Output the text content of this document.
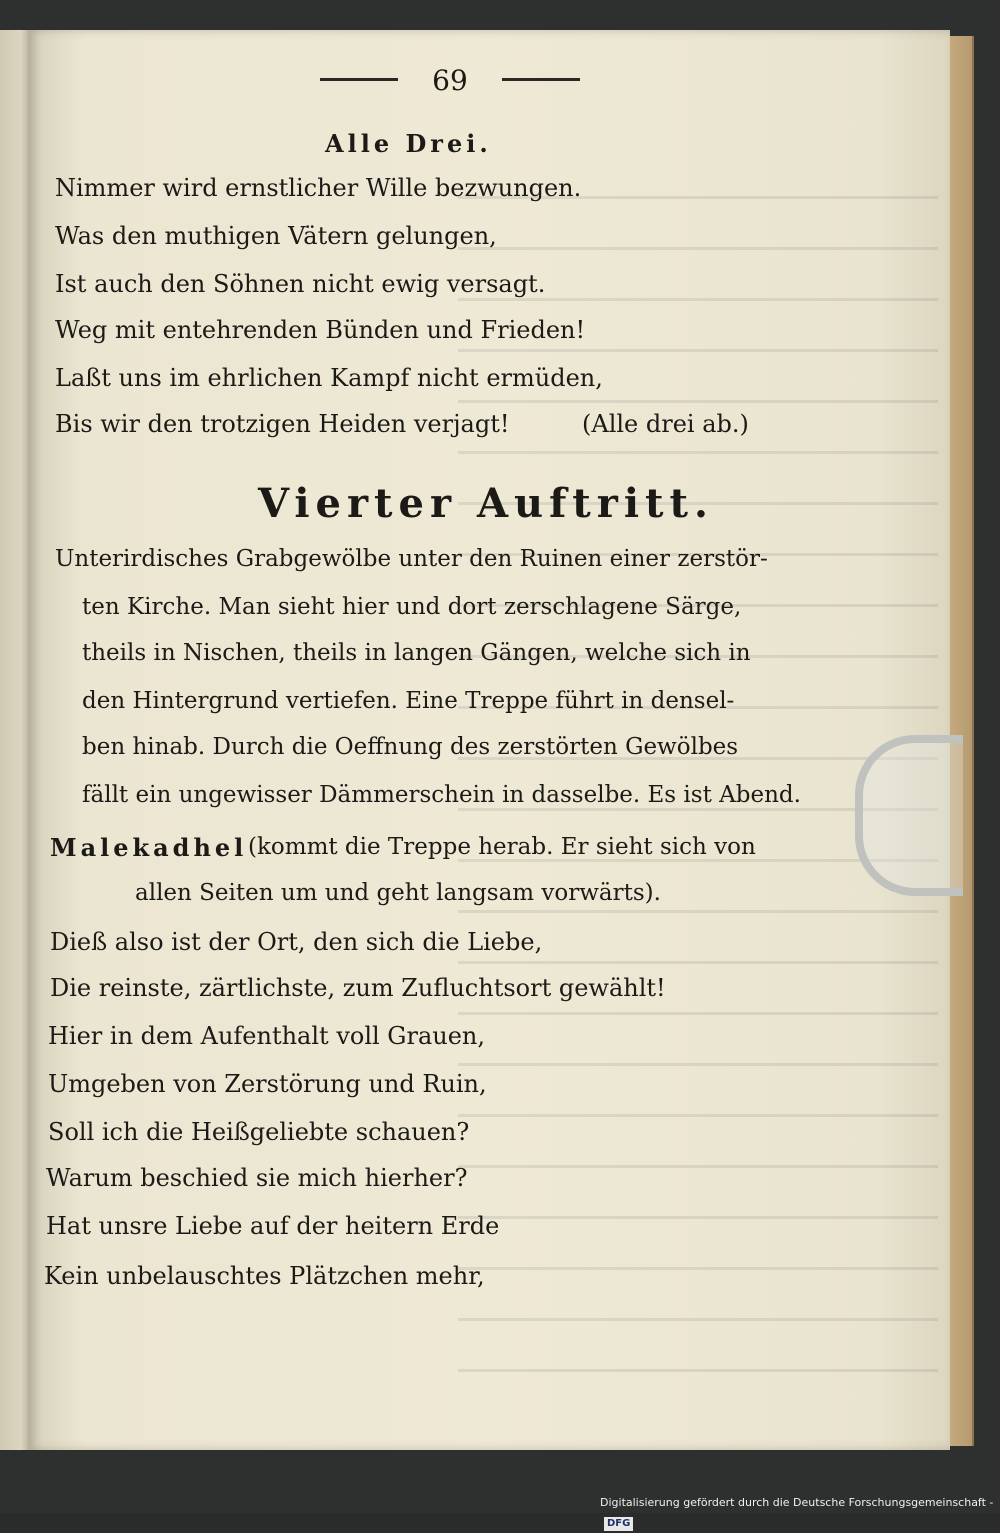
69
Alle Drei.
Nimmer wird ernstlicher Wille bezwungen.
Was den muthigen Vätern gelungen,
Ist auch den Söhnen nicht ewig versagt.
Weg mit entehrenden Bünden und Frieden!
Laßt uns im ehrlichen Kampf nicht ermüden,
Bis wir den trotzigen Heiden verjagt!	(Alle drei ab.)
Vierter Auftritt.
Unterirdisches Grabgewölbe unter den Ruinen einer zerstör-
ten Kirche. Man sieht hier und dort zerschlagene Särge,
theils in Nischen, theils in langen Gängen, welche sich in
den Hintergrund vertiefen. Eine Treppe führt in densel-
ben hinab. Durch die Oeffnung des zerstörten Gewölbes
fällt ein ungewisser Dämmerschein in dasselbe. Es ist Abend.
Malekadhel (kommt die Treppe herab. Er sieht sich von
allen Seiten um und geht langsam vorwärts).
Dieß also ist der Ort, den sich die Liebe,
Die reinste, zärtlichste, zum Zufluchtsort gewählt!
Hier in dem Aufenthalt voll Grauen,
Umgeben von Zerstörung und Ruin,
Soll ich die Heißgeliebte schauen?
Warum beschied sie mich hierher?
Hat unsre Liebe auf der heitern Erde
Kein unbelauschtes Plätzchen mehr,
Digitalisierung gefördert durch die Deutsche Forschungsgemeinschaft -DFG
